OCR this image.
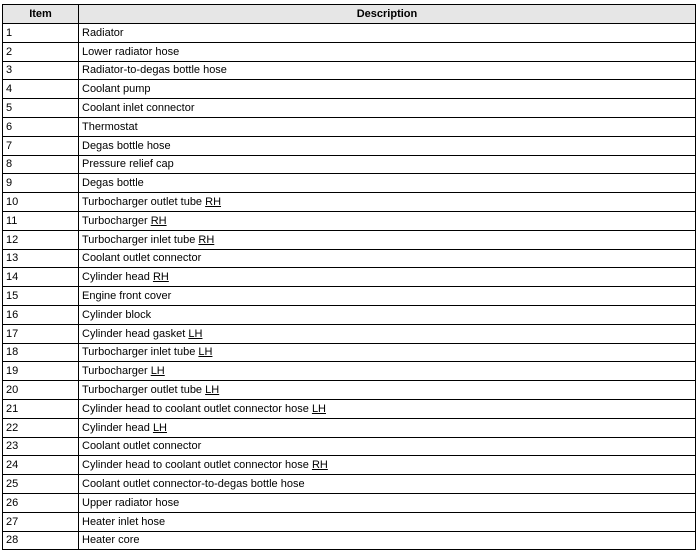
Item	Description
1	Radiator
2	Lower radiator hose
3	Radiator-to-degas bottle hose
4	Coolant pump
5	Coolant inlet connector
6	Thermostat
7	Degas bottle hose
8	Pressure relief cap
9	Degas bottle
10	Turbocharger outlet tube RH
11	Turbocharger RH
12	Turbocharger inlet tube RH
13	Coolant outlet connector
14	Cylinder head RH
15	Engine front cover
16	Cylinder block
17	Cylinder head gasket LH
18	Turbocharger inlet tube LH
19	Turbocharger LH
20	Turbocharger outlet tube LH
21	Cylinder head to coolant outlet connector hose LH
22	Cylinder head LH
23	Coolant outlet connector
24	Cylinder head to coolant outlet connector hose RH
25	Coolant outlet connector-to-degas bottle hose
26	Upper radiator hose
27	Heater inlet hose
28	Heater core
